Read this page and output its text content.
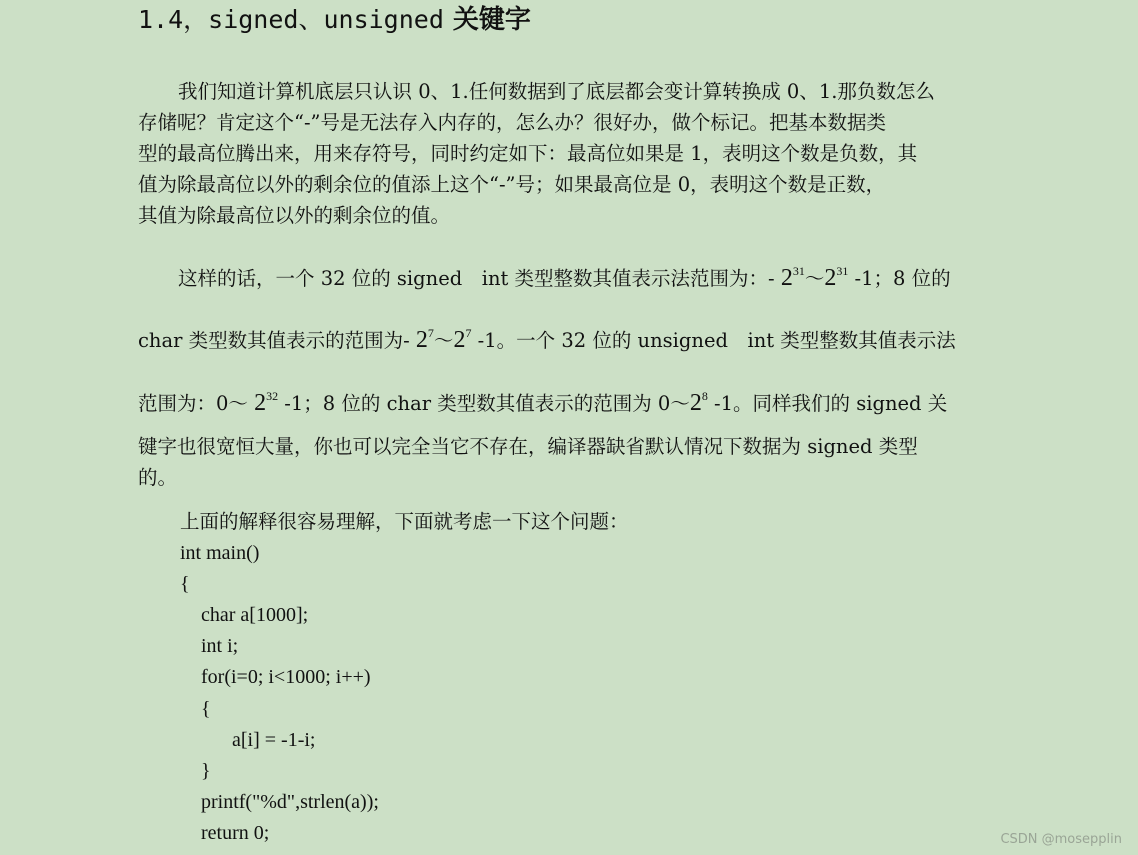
1.4，signed、unsigned 关键字
我们知道计算机底层只认识 0、1.任何数据到了底层都会变计算转换成 0、1.那负数怎么
存储呢？肯定这个“-”号是无法存入内存的，怎么办？很好办，做个标记。把基本数据类
型的最高位腾出来，用来存符号，同时约定如下：最高位如果是 1，表明这个数是负数，其
值为除最高位以外的剩余位的值添上这个“-”号；如果最高位是 0，表明这个数是正数，
其值为除最高位以外的剩余位的值。
这样的话，一个 32 位的 signed　int 类型整数其值表示法范围为：- $2^{31}\sim 2^{31}$ -1；8 位的
char 类型数其值表示的范围为- $2^7\sim 2^7$ -1。一个 32 位的 unsigned　int 类型整数其值表示法
范围为：0～ $2^{32}$ -1；8 位的 char 类型数其值表示的范围为 $0\sim 2^8$ -1。同样我们的 signed 关
键字也很宽恒大量，你也可以完全当它不存在，编译器缺省默认情况下数据为 signed 类型
的。
上面的解释很容易理解，下面就考虑一下这个问题：
int main()
{
char a[1000];
int i;
for(i=0; i<1000; i++)
{
a[i] = -1-i;
}
printf("%d",strlen(a));
return 0;	CSDN @mosepplin
